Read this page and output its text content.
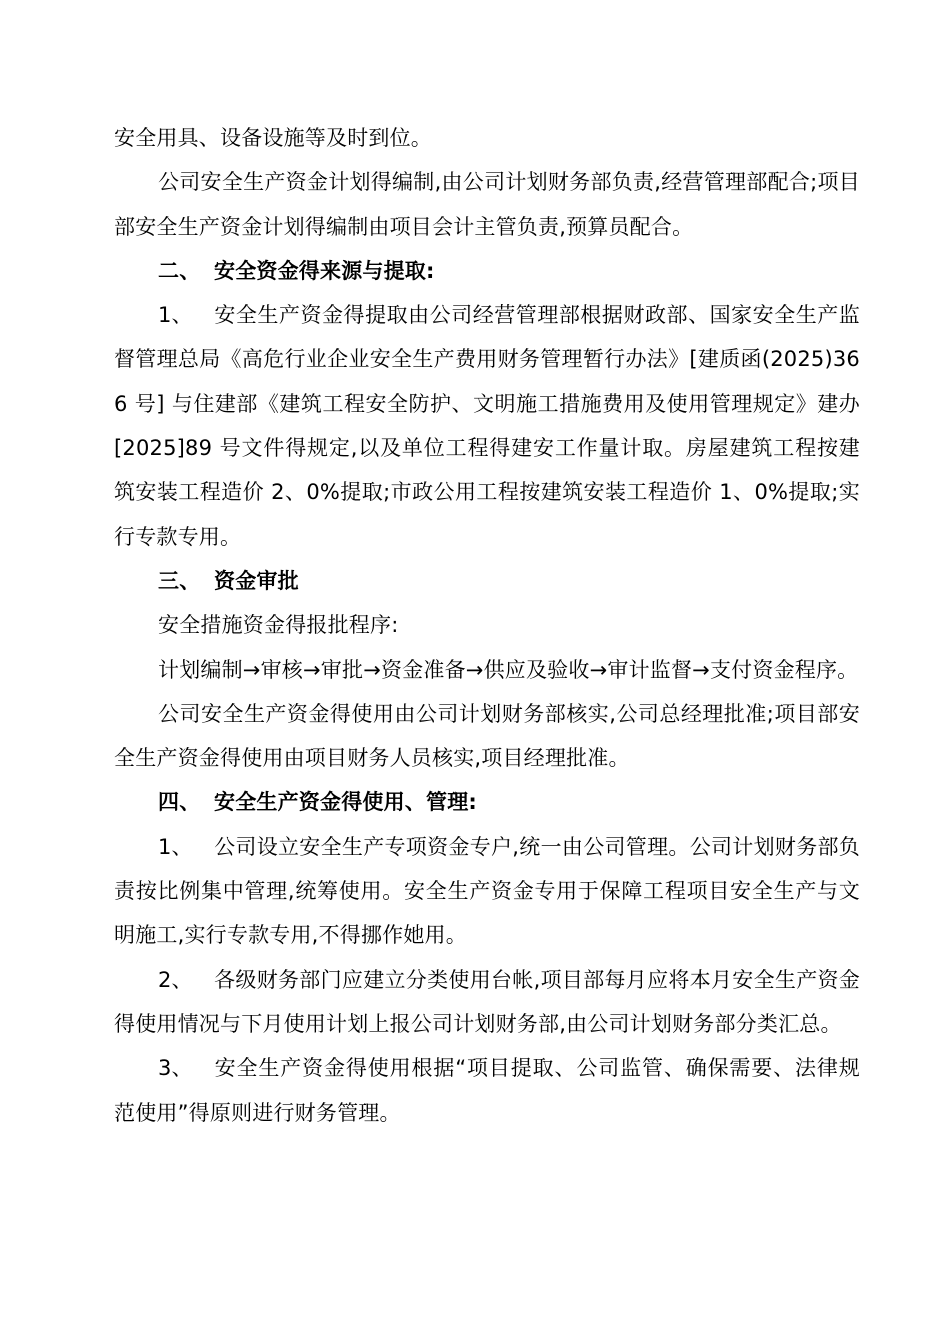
安全用具、设备设施等及时到位。

公司安全生产资金计划得编制,由公司计划财务部负责,经营管理部配合;项目部安全生产资金计划得编制由项目会计主管负责,预算员配合。

二、 安全资金得来源与提取:

1、 安全生产资金得提取由公司经营管理部根据财政部、国家安全生产监督管理总局《高危行业企业安全生产费用财务管理暂行办法》[建质函(2025)366 号] 与住建部《建筑工程安全防护、文明施工措施费用及使用管理规定》建办[2025]89 号文件得规定,以及单位工程得建安工作量计取。房屋建筑工程按建筑安装工程造价 2、0%提取;市政公用工程按建筑安装工程造价 1、0%提取;实行专款专用。

三、 资金审批

安全措施资金得报批程序:

计划编制→审核→审批→资金准备→供应及验收→审计监督→支付资金程序。

公司安全生产资金得使用由公司计划财务部核实,公司总经理批准;项目部安全生产资金得使用由项目财务人员核实,项目经理批准。

四、 安全生产资金得使用、管理:

1、 公司设立安全生产专项资金专户,统一由公司管理。公司计划财务部负责按比例集中管理,统筹使用。安全生产资金专用于保障工程项目安全生产与文明施工,实行专款专用,不得挪作她用。

2、 各级财务部门应建立分类使用台帐,项目部每月应将本月安全生产资金得使用情况与下月使用计划上报公司计划财务部,由公司计划财务部分类汇总。

3、 安全生产资金得使用根据“项目提取、公司监管、确保需要、法律规范使用”得原则进行财务管理。
